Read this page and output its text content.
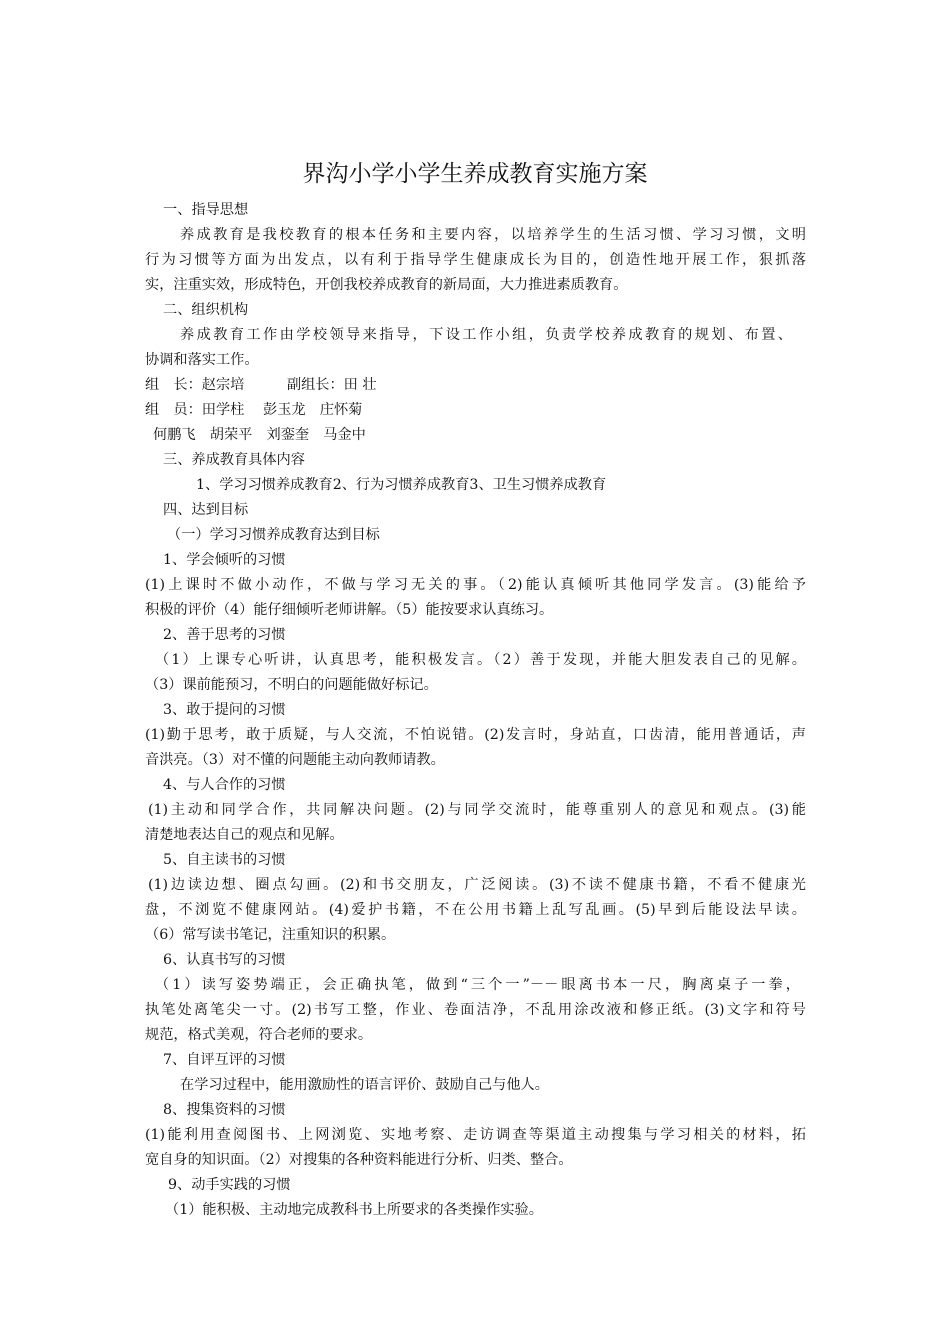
界沟小学小学生养成教育实施方案

一、指导思想

养成教育是我校教育的根本任务和主要内容，以培养学生的生活习惯、学习习惯，文明

行为习惯等方面为出发点，以有利于指导学生健康成长为目的，创造性地开展工作，狠抓落

实，注重实效，形成特色，开创我校养成教育的新局面，大力推进素质教育。

二、组织机构

养成教育工作由学校领导来指导，下设工作小组，负责学校养成教育的规划、布置、

协调和落实工作。

组　长：赵宗培　　　副组长：田 壮

组　员：田学柱　 彭玉龙　庄怀菊

何鹏飞　胡荣平　刘銮奎　马金中

三、养成教育具体内容

1、学习习惯养成教育2、行为习惯养成教育3、卫生习惯养成教育

四、达到目标

（一）学习习惯养成教育达到目标

1、学会倾听的习惯

(1)上课时不做小动作，不做与学习无关的事。（2)能认真倾听其他同学发言。(3)能给予

积极的评价（4）能仔细倾听老师讲解。（5）能按要求认真练习。

2、善于思考的习惯

（1）上课专心听讲，认真思考，能积极发言。（2）善于发现，并能大胆发表自己的见解。

（3）课前能预习，不明白的问题能做好标记。

3、敢于提问的习惯

(1)勤于思考，敢于质疑，与人交流，不怕说错。(2)发言时，身站直，口齿清，能用普通话，声

音洪亮。（3）对不懂的问题能主动向教师请教。

4、与人合作的习惯

(1)主动和同学合作，共同解决问题。(2)与同学交流时，能尊重别人的意见和观点。(3)能

清楚地表达自己的观点和见解。

5、自主读书的习惯

(1)边读边想、圈点勾画。(2)和书交朋友，广泛阅读。(3)不读不健康书籍，不看不健康光

盘，不浏览不健康网站。(4)爱护书籍，不在公用书籍上乱写乱画。(5)早到后能设法早读。

（6）常写读书笔记，注重知识的积累。

6、认真书写的习惯

（1）读写姿势端正，会正确执笔，做到“三个一”－－眼离书本一尺，胸离桌子一拳，

执笔处离笔尖一寸。(2)书写工整，作业、卷面洁净，不乱用涂改液和修正纸。(3)文字和符号

规范，格式美观，符合老师的要求。

7、自评互评的习惯

在学习过程中，能用激励性的语言评价、鼓励自己与他人。

8、搜集资料的习惯

(1)能利用查阅图书、上网浏览、实地考察、走访调查等渠道主动搜集与学习相关的材料，拓

宽自身的知识面。（2）对搜集的各种资料能进行分析、归类、整合。

9、动手实践的习惯

（1）能积极、主动地完成教科书上所要求的各类操作实验。
